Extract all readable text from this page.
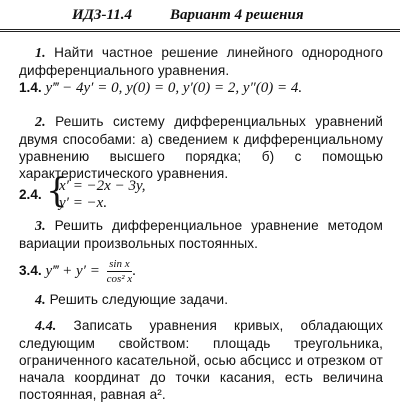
ИДЗ-11.4	Вариант 4 решения
1. Найти частное решение линейного однородного дифференциального уравнения.
1.4. y‴ − 4y′ = 0, y(0) = 0, y′(0) = 2, y″(0) = 4.
2. Решить систему дифференциальных уравнений двумя способами: а) сведением к дифференциальному уравнению высшего порядка; б) с помощью характеристического уравнения.
2.4. {
x′ = −2x − 3y,
y′ = −x.
3. Решить дифференциальное уравнение методом вариации произвольных постоянных.
3.4. y‴ + $y' = \frac{\text{sin x}}{\text{cos² x}}$ .
4. Решить следующие задачи.
4.4. Записать уравнения кривых, обладающих следующим свойством: площадь треугольника, ограниченного касательной, осью абсцисс и отрезком от начала координат до точки касания, есть величина постоянная, равная a².
